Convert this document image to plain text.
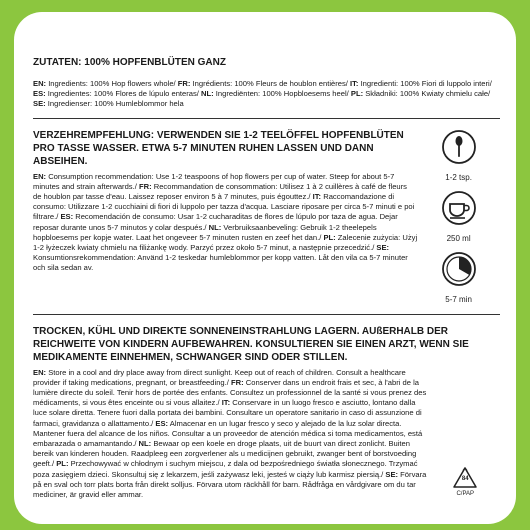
ZUTATEN: 100% HOPFENBLÜTEN GANZ

EN: Ingredients: 100% Hop flowers whole/ FR: Ingrédients: 100% Fleurs de houblon entières/ IT: Ingredienti: 100% Fiori di luppolo interi/ ES: Ingredientes: 100% Flores de lúpulo enteras/ NL: Ingrediënten: 100% Hopbloesems heel/ PL: Składniki: 100% Kwiaty chmielu całe/ SE: Ingredienser: 100% Humleblommor hela

VERZEHREMPFEHLUNG: VERWENDEN SIE 1-2 TEELÖFFEL HOPFENBLÜTEN PRO TASSE WASSER. ETWA 5-7 MINUTEN RUHEN LASSEN UND DANN ABSEIHEN.

EN: Consumption recommendation: Use 1-2 teaspoons of hop flowers per cup of water. Steep for about 5-7 minutes and strain afterwards./ FR: Recommandation de consommation: Utilisez 1 à 2 cuillères à café de fleurs de houblon par tasse d'eau. Laissez reposer environ 5 à 7 minutes, puis égouttez./ IT: Raccomandazione di consumo: Utilizzare 1-2 cucchiaini di fiori di luppolo per tazza d'acqua. Lasciare riposare per circa 5-7 minuti e poi filtrare./ ES: Recomendación de consumo: Usar 1-2 cucharaditas de flores de lúpulo por taza de agua. Dejar reposar durante unos 5-7 minutos y colar después./ NL: Verbruiksaanbeveling: Gebruik 1-2 theelepels hopbloesems per kopje water. Laat het ongeveer 5-7 minuten rusten en zeef het dan./ PL: Zalecenie zużycia: Użyj 1-2 łyżeczek kwiaty chmielu na filiżankę wody. Parzyć przez około 5-7 minut, a następnie przecedzić./ SE: Konsumtionsrekommendation: Använd 1-2 teskedar humleblommor per kopp vatten. Låt den vila ca 5-7 minuter och sila sedan av.

1-2 tsp.
250 ml
5-7 min

TROCKEN, KÜHL UND DIREKTE SONNENEINSTRAHLUNG LAGERN. AUßERHALB DER REICHWEITE VON KINDERN AUFBEWAHREN. KONSULTIEREN SIE EINEN ARZT, WENN SIE MEDIKAMENTE EINNEHMEN, SCHWANGER SIND ODER STILLEN.

EN: Store in a cool and dry place away from direct sunlight. Keep out of reach of children. Consult a healthcare provider if taking medications, pregnant, or breastfeeding./ FR: Conserver dans un endroit frais et sec, à l'abri de la lumière directe du soleil. Tenir hors de portée des enfants. Consultez un professionnel de la santé si vous prenez des médicaments, si vous êtes enceinte ou si vous allaitez./ IT: Conservare in un luogo fresco e asciutto, lontano dalla luce solare diretta. Tenere fuori dalla portata dei bambini. Consultare un operatore sanitario in caso di assunzione di farmaci, gravidanza o allattamento./ ES: Almacenar en un lugar fresco y seco y alejado de la luz solar directa. Mantener fuera del alcance de los niños. Consultar a un proveedor de atención médica si toma medicamentos, está embarazada o amamantando./ NL: Bewaar op een koele en droge plaats, uit de buurt van direct zonlicht. Buiten bereik van kinderen houden. Raadpleeg een zorgverlener als u medicijnen gebruikt, zwanger bent of borstvoeding geeft./ PL: Przechowywać w chłodnym i suchym miejscu, z dala od bezpośredniego światła słonecznego. Trzymać poza zasięgiem dzieci. Skonsultuj się z lekarzem, jeśli zażywasz leki, jesteś w ciąży lub karmisz piersią./ SE: Förvara på en sval och torr plats borta från direkt solljus. Förvara utom räckhåll för barn. Rådfråga en vårdgivare om du tar mediciner, är gravid eller ammar.

84
C/PAP
